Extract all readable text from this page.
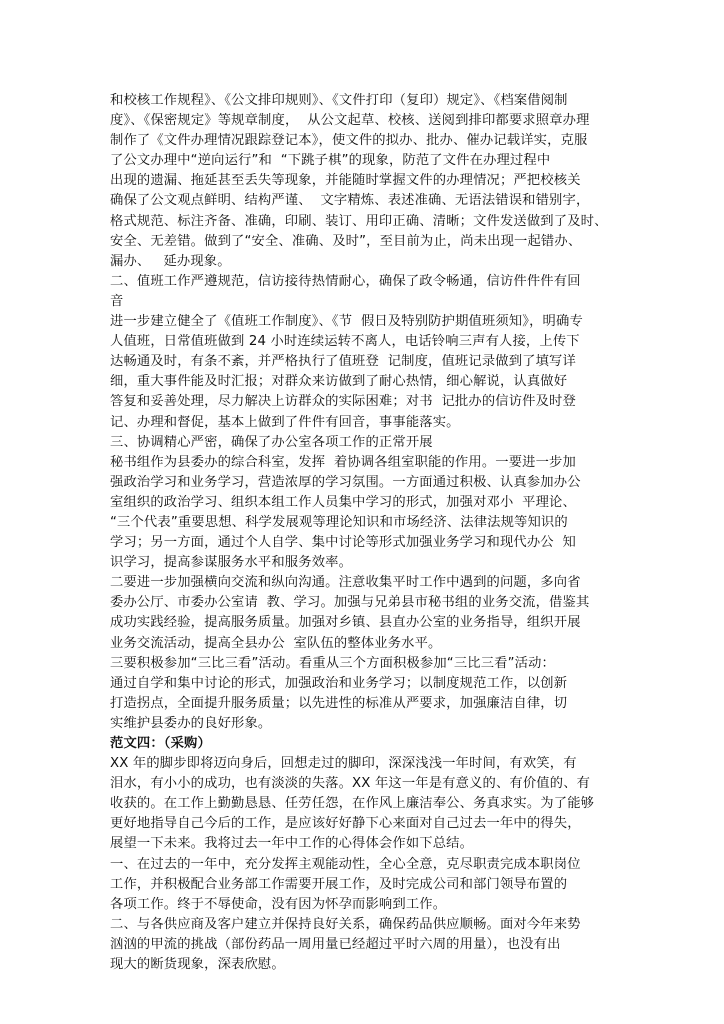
和校核工作规程》、《公文排印规则》、《文件打印（复印）规定》、《档案借阅制
度》、《保密规定》等规章制度，  从公文起草、校核、送阅到排印都要求照章办理
制作了《文件办理情况跟踪登记本》，使文件的拟办、批办、催办记载详实，克服
了公文办理中“逆向运行”和  “下跳子棋”的现象，防范了文件在办理过程中
出现的遗漏、拖延甚至丢失等现象，并能随时掌握文件的办理情况；严把校核关
确保了公文观点鲜明、结构严谨、  文字精炼、表述准确、无语法错误和错别字，
格式规范、标注齐备、准确，印刷、装订、用印正确、清晰；文件发送做到了及时、
安全、无差错。做到了“安全、准确、及时”，至目前为止，尚未出现一起错办、
漏办、   延办现象。
二、值班工作严遵规范，信访接待热情耐心，确保了政令畅通，信访件件件有回
音
进一步建立健全了《值班工作制度》、《节  假日及特别防护期值班须知》，明确专
人值班，日常值班做到 24 小时连续运转不离人，电话铃响三声有人接，上传下
达畅通及时，有条不紊，并严格执行了值班登  记制度，值班记录做到了填写详
细，重大事件能及时汇报；对群众来访做到了耐心热情，细心解说，认真做好
答复和妥善处理，尽力解决上访群众的实际困难；对书  记批办的信访件及时登
记、办理和督促，基本上做到了件件有回音，事事能落实。
三、协调精心严密，确保了办公室各项工作的正常开展
秘书组作为县委办的综合科室，发挥  着协调各组室职能的作用。一要进一步加
强政治学习和业务学习，营造浓厚的学习氛围。一方面通过积极、认真参加办公
室组织的政治学习、组织本组工作人员集中学习的形式，加强对邓小  平理论、
“三个代表”重要思想、科学发展观等理论知识和市场经济、法律法规等知识的
学习；另一方面，通过个人自学、集中讨论等形式加强业务学习和现代办公  知
识学习，提高参谋服务水平和服务效率。
二要进一步加强横向交流和纵向沟通。注意收集平时工作中遇到的问题，多向省
委办公厅、市委办公室请  教、学习。加强与兄弟县市秘书组的业务交流，借鉴其
成功实践经验，提高服务质量。加强对乡镇、县直办公室的业务指导，组织开展
业务交流活动，提高全县办公  室队伍的整体业务水平。
三要积极参加“三比三看”活动。看重从三个方面积极参加“三比三看”活动：
通过自学和集中讨论的形式，加强政治和业务学习；以制度规范工作，以创新
打造拐点，全面提升服务质量；以先进性的标准从严要求，加强廉洁自律，切
实维护县委办的良好形象。
范文四：（采购）
XX 年的脚步即将迈向身后，回想走过的脚印，深深浅浅一年时间，有欢笑，有
泪水，有小小的成功，也有淡淡的失落。XX 年这一年是有意义的、有价值的、有
收获的。在工作上勤勤恳恳、任劳任怨，在作风上廉洁奉公、务真求实。为了能够
更好地指导自己今后的工作，是应该好好静下心来面对自己过去一年中的得失，
展望一下未来。我将过去一年中工作的心得体会作如下总结。
一、在过去的一年中，充分发挥主观能动性，全心全意，克尽职责完成本职岗位
工作，并积极配合业务部工作需要开展工作，及时完成公司和部门领导布置的
各项工作。终于不辱使命，没有因为怀孕而影响到工作。
二、与各供应商及客户建立并保持良好关系，确保药品供应顺畅。面对今年来势
汹汹的甲流的挑战（部份药品一周用量已经超过平时六周的用量），也没有出
现大的断货现象，深表欣慰。
